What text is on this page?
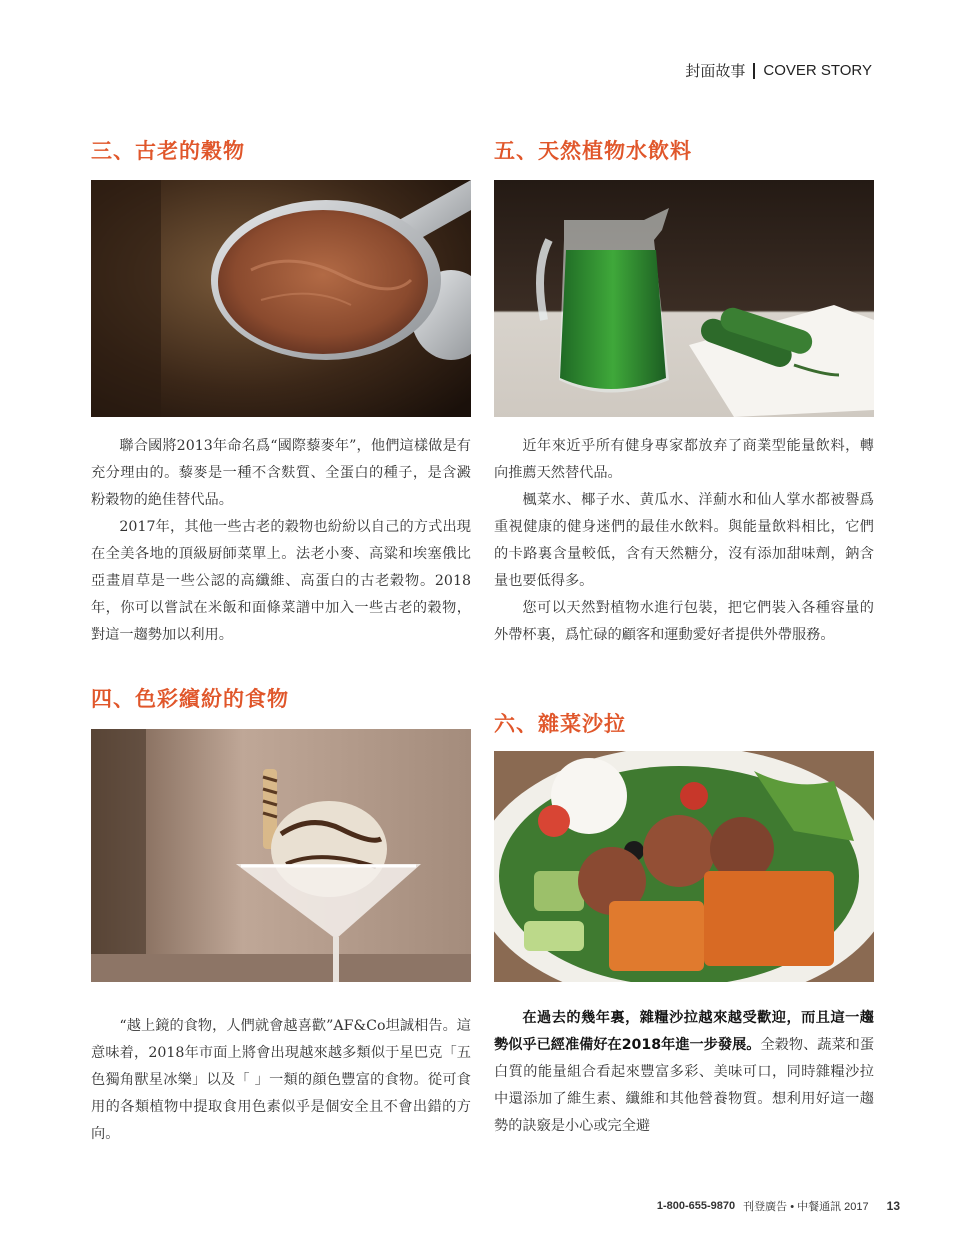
封面故事 COVER STORY
三、古老的穀物

聯合國將2013年命名爲“國際藜麥年”，他們這樣做是有充分理由的。藜麥是一種不含麩質、全蛋白的種子，是含澱粉穀物的絶佳替代品。

2017年，其他一些古老的穀物也紛紛以自己的方式出現在全美各地的頂級厨師菜單上。法老小麥、高粱和埃塞俄比亞畫眉草是一些公認的高纖維、高蛋白的古老穀物。2018年，你可以嘗試在米飯和面條菜譜中加入一些古老的穀物，對這一趨勢加以利用。

四、色彩繽紛的食物

“越上鏡的食物，人們就會越喜歡”AF&Co坦誠相告。這意味着，2018年市面上將會出現越來越多類似于星巴克「五色獨角獸星冰樂」以及「 」一類的顔色豐富的食物。從可食用的各類植物中提取食用色素似乎是個安全且不會出錯的方向。

五、天然植物水飲料

近年來近乎所有健身專家都放弃了商業型能量飲料，轉向推薦天然替代品。

楓菜水、椰子水、黄瓜水、洋薊水和仙人掌水都被譽爲重視健康的健身迷們的最佳水飲料。與能量飲料相比，它們的卡路裏含量較低，含有天然糖分，沒有添加甜味劑，鈉含量也要低得多。

您可以天然對植物水進行包裝，把它們裝入各種容量的外帶杯裏，爲忙碌的顧客和運動愛好者提供外帶服務。

六、雜菜沙拉

在過去的幾年裏，雜糧沙拉越來越受歡迎，而且這一趨勢似乎已經准備好在2018年進一步發展。全穀物、蔬菜和蛋白質的能量組合看起來豐富多彩、美味可口，同時雜糧沙拉中還添加了維生素、纖維和其他營養物質。想利用好這一趨勢的訣竅是小心或完全避

1-800-655-9870 刊登廣告 • 中餐通訊 2017 13
